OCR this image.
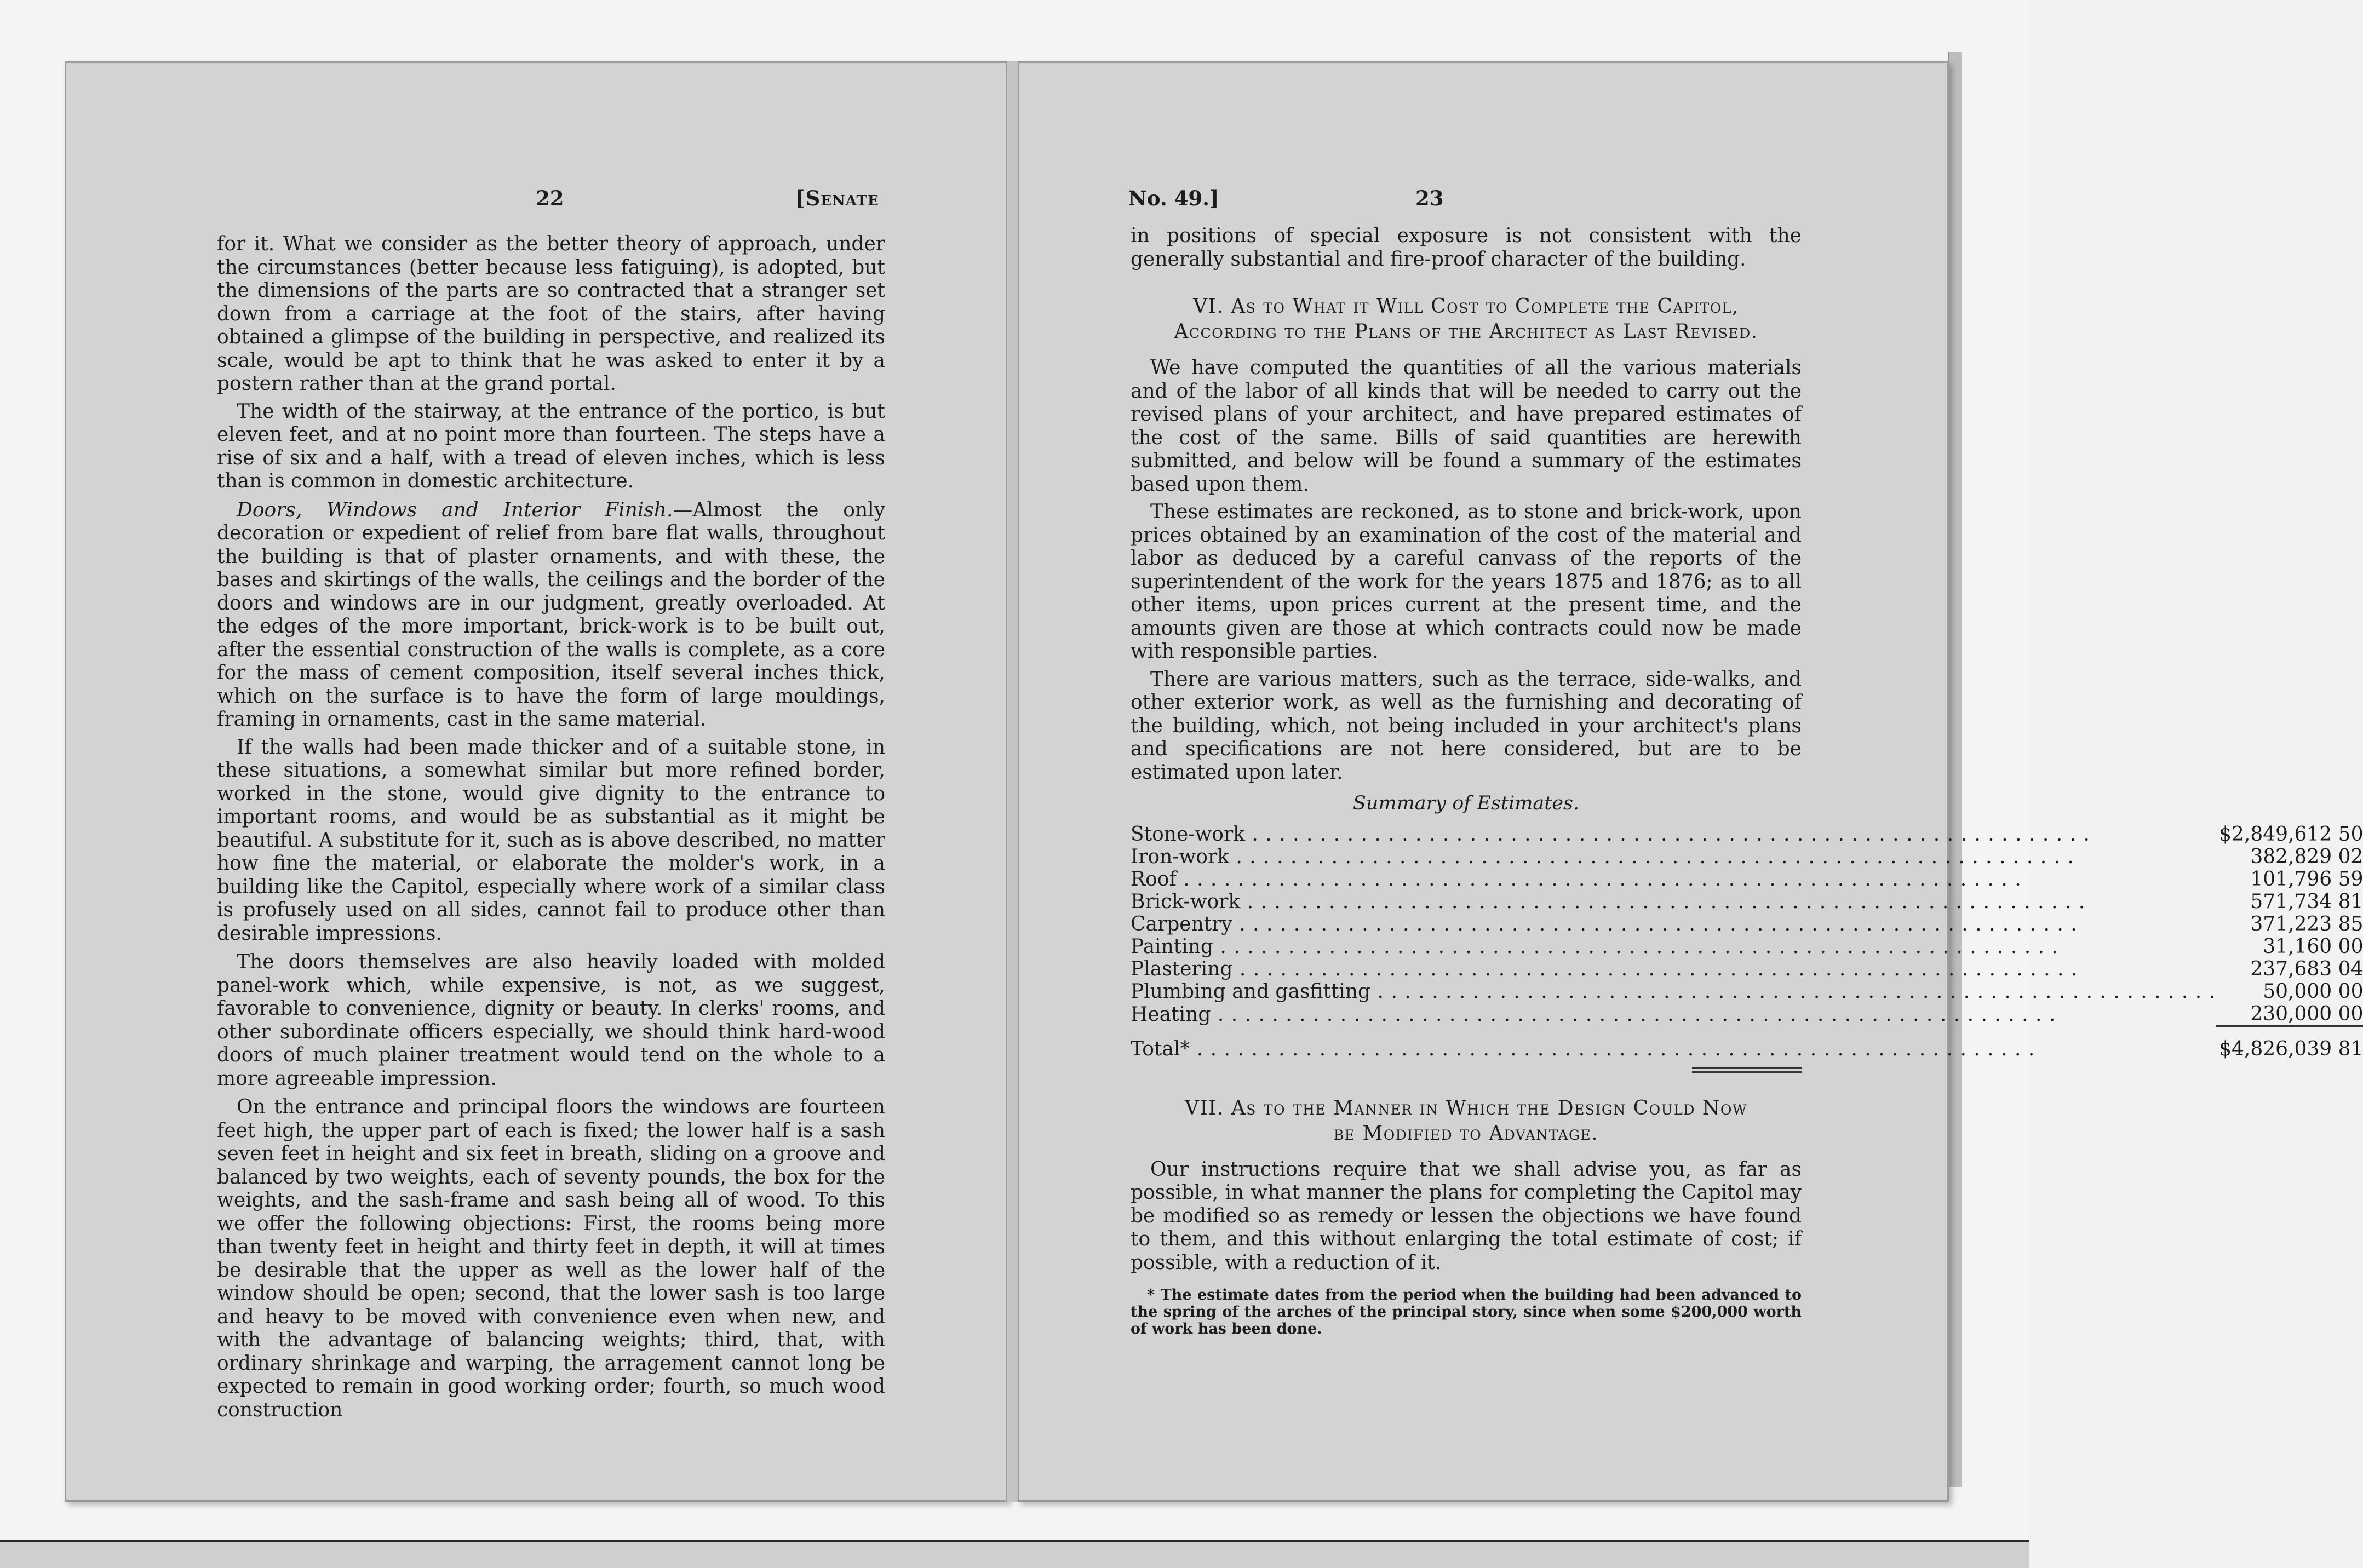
22	[Senate	No. 49.]	23

for it. What we consider as the better theory of approach, under the circumstances (better because less fatiguing), is adopted, but the dimensions of the parts are so contracted that a stranger set down from a carriage at the foot of the stairs, after having obtained a glimpse of the building in perspective, and realized its scale, would be apt to think that he was asked to enter it by a postern rather than at the grand portal.

The width of the stairway, at the entrance of the portico, is but eleven feet, and at no point more than fourteen. The steps have a rise of six and a half, with a tread of eleven inches, which is less than is common in domestic architecture.

Doors, Windows and Interior Finish.—Almost the only decoration or expedient of relief from bare flat walls, throughout the building is that of plaster ornaments, and with these, the bases and skirtings of the walls, the ceilings and the border of the doors and windows are in our judgment, greatly overloaded. At the edges of the more important, brick-work is to be built out, after the essential construction of the walls is complete, as a core for the mass of cement composition, itself several inches thick, which on the surface is to have the form of large mouldings, framing in ornaments, cast in the same material.

If the walls had been made thicker and of a suitable stone, in these situations, a somewhat similar but more refined border, worked in the stone, would give dignity to the entrance to important rooms, and would be as substantial as it might be beautiful. A substitute for it, such as is above described, no matter how fine the material, or elaborate the molder's work, in a building like the Capitol, especially where work of a similar class is profusely used on all sides, cannot fail to produce other than desirable impressions.

The doors themselves are also heavily loaded with molded panel-work which, while expensive, is not, as we suggest, favorable to convenience, dignity or beauty. In clerks' rooms, and other subordinate officers especially, we should think hard-wood doors of much plainer treatment would tend on the whole to a more agreeable impression.

On the entrance and principal floors the windows are fourteen feet high, the upper part of each is fixed; the lower half is a sash seven feet in height and six feet in breath, sliding on a groove and balanced by two weights, each of seventy pounds, the box for the weights, and the sash-frame and sash being all of wood. To this we offer the following objections: First, the rooms being more than twenty feet in height and thirty feet in depth, it will at times be desirable that the upper as well as the lower half of the window should be open; second, that the lower sash is too large and heavy to be moved with convenience even when new, and with the advantage of balancing weights; third, that, with ordinary shrinkage and warping, the arragement cannot long be expected to remain in good working order; fourth, so much wood construction

in positions of special exposure is not consistent with the generally substantial and fire-proof character of the building.

VI. As to What it Will Cost to Complete the Capitol,
According to the Plans of the Architect as Last Revised.

We have computed the quantities of all the various materials and of the labor of all kinds that will be needed to carry out the revised plans of your architect, and have prepared estimates of the cost of the same. Bills of said quantities are herewith submitted, and below will be found a summary of the estimates based upon them.

These estimates are reckoned, as to stone and brick-work, upon prices obtained by an examination of the cost of the material and labor as deduced by a careful canvass of the reports of the superintendent of the work for the years 1875 and 1876; as to all other items, upon prices current at the present time, and the amounts given are those at which contracts could now be made with responsible parties.

There are various matters, such as the terrace, side-walks, and other exterior work, as well as the furnishing and decorating of the building, which, not being included in your architect's plans and specifications are not here considered, but are to be estimated upon later.

Summary of Estimates.
Stone-work . . .	$2,849,612 50
Iron-work . . .	382,829 02
Roof . . .	101,796 59
Brick-work . . .	571,734 81
Carpentry . . .	371,223 85
Painting . . .	31,160 00
Plastering . . .	237,683 04
Plumbing and gasfitting . . .	50,000 00
Heating . . .	230,000 00
Total* . . .	$4,826,039 81
VII. As to the Manner in Which the Design Could Now
be Modified to Advantage.

Our instructions require that we shall advise you, as far as possible, in what manner the plans for completing the Capitol may be modified so as remedy or lessen the objections we have found to them, and this without enlarging the total estimate of cost; if possible, with a reduction of it.

* The estimate dates from the period when the building had been advanced to the spring of the arches of the principal story, since when some $200,000 worth of work has been done.
